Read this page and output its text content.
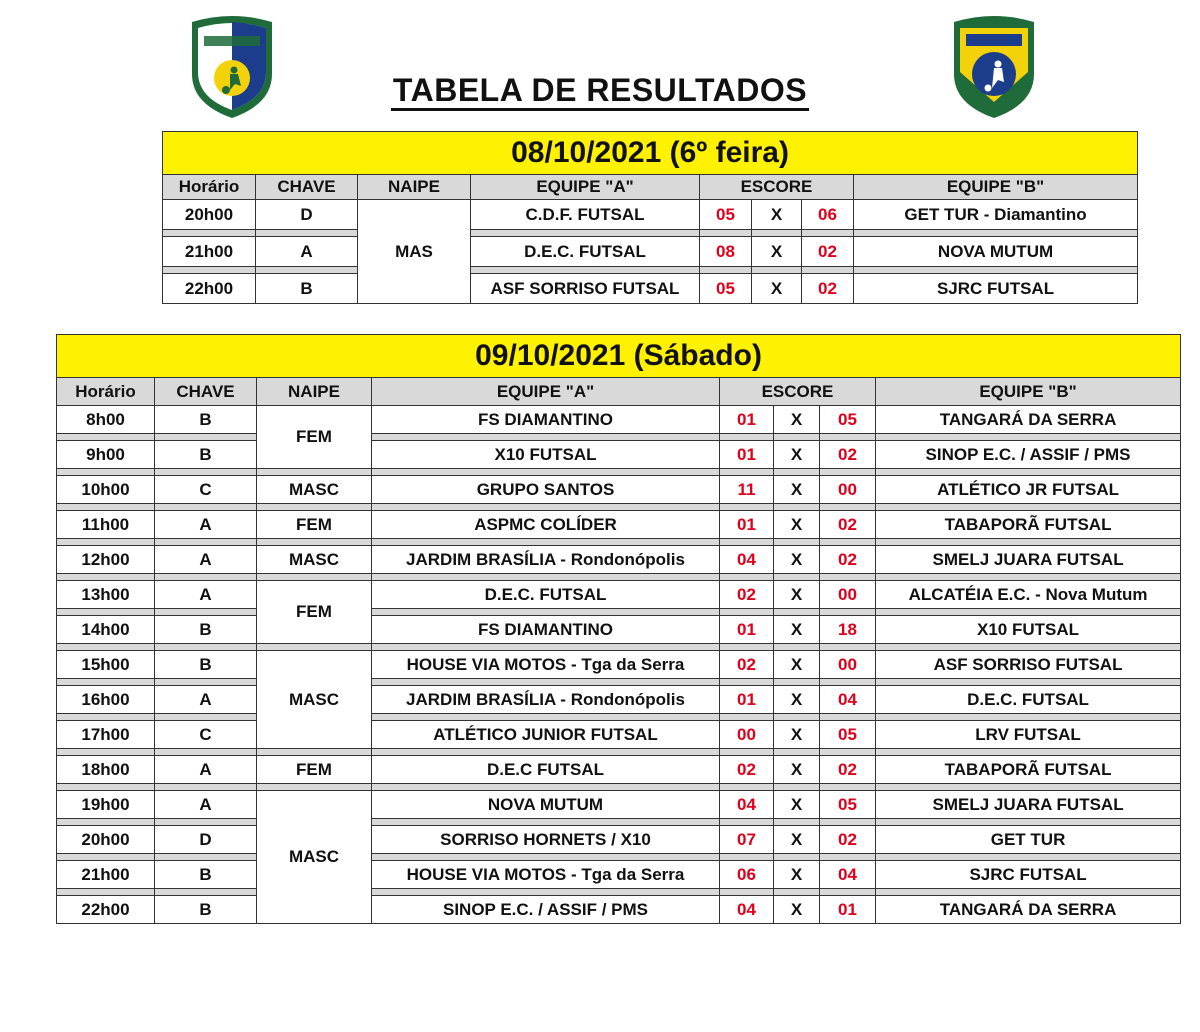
TABELA DE RESULTADOS
08/10/2021 (6º feira)							
Horário	CHAVE	NAIPE	EQUIPE "A"	ESCORE			EQUIPE "B"
20h00	D	MAS	C.D.F. FUTSAL	05	X	06	GET TUR - Diamantino

21h00	A		D.E.C. FUTSAL	08	X	02	NOVA MUTUM

22h00	B		ASF SORRISO FUTSAL	05	X	02	SJRC FUTSAL
09/10/2021 (Sábado)							
Horário	CHAVE	NAIPE	EQUIPE "A"	ESCORE			EQUIPE "B"
8h00	B	FEM	FS DIAMANTINO	01	X	05	TANGARÁ DA SERRA

9h00	B		X10 FUTSAL	01	X	02	SINOP E.C. / ASSIF / PMS

10h00	C	MASC	GRUPO SANTOS	11	X	00	ATLÉTICO JR FUTSAL

11h00	A	FEM	ASPMC COLÍDER	01	X	02	TABAPORÃ FUTSAL

12h00	A	MASC	JARDIM BRASÍLIA - Rondonópolis	04	X	02	SMELJ JUARA FUTSAL

13h00	A	FEM	D.E.C. FUTSAL	02	X	00	ALCATÉIA E.C. - Nova Mutum

14h00	B		FS DIAMANTINO	01	X	18	X10 FUTSAL

15h00	B	MASC	HOUSE VIA MOTOS - Tga da Serra	02	X	00	ASF SORRISO FUTSAL

16h00	A		JARDIM BRASÍLIA - Rondonópolis	01	X	04	D.E.C. FUTSAL

17h00	C		ATLÉTICO JUNIOR FUTSAL	00	X	05	LRV FUTSAL

18h00	A	FEM	D.E.C FUTSAL	02	X	02	TABAPORÃ FUTSAL

19h00	A	MASC	NOVA MUTUM	04	X	05	SMELJ JUARA FUTSAL

20h00	D		SORRISO HORNETS / X10	07	X	02	GET TUR

21h00	B		HOUSE VIA MOTOS - Tga da Serra	06	X	04	SJRC FUTSAL

22h00	B		SINOP E.C. / ASSIF / PMS	04	X	01	TANGARÁ DA SERRA
